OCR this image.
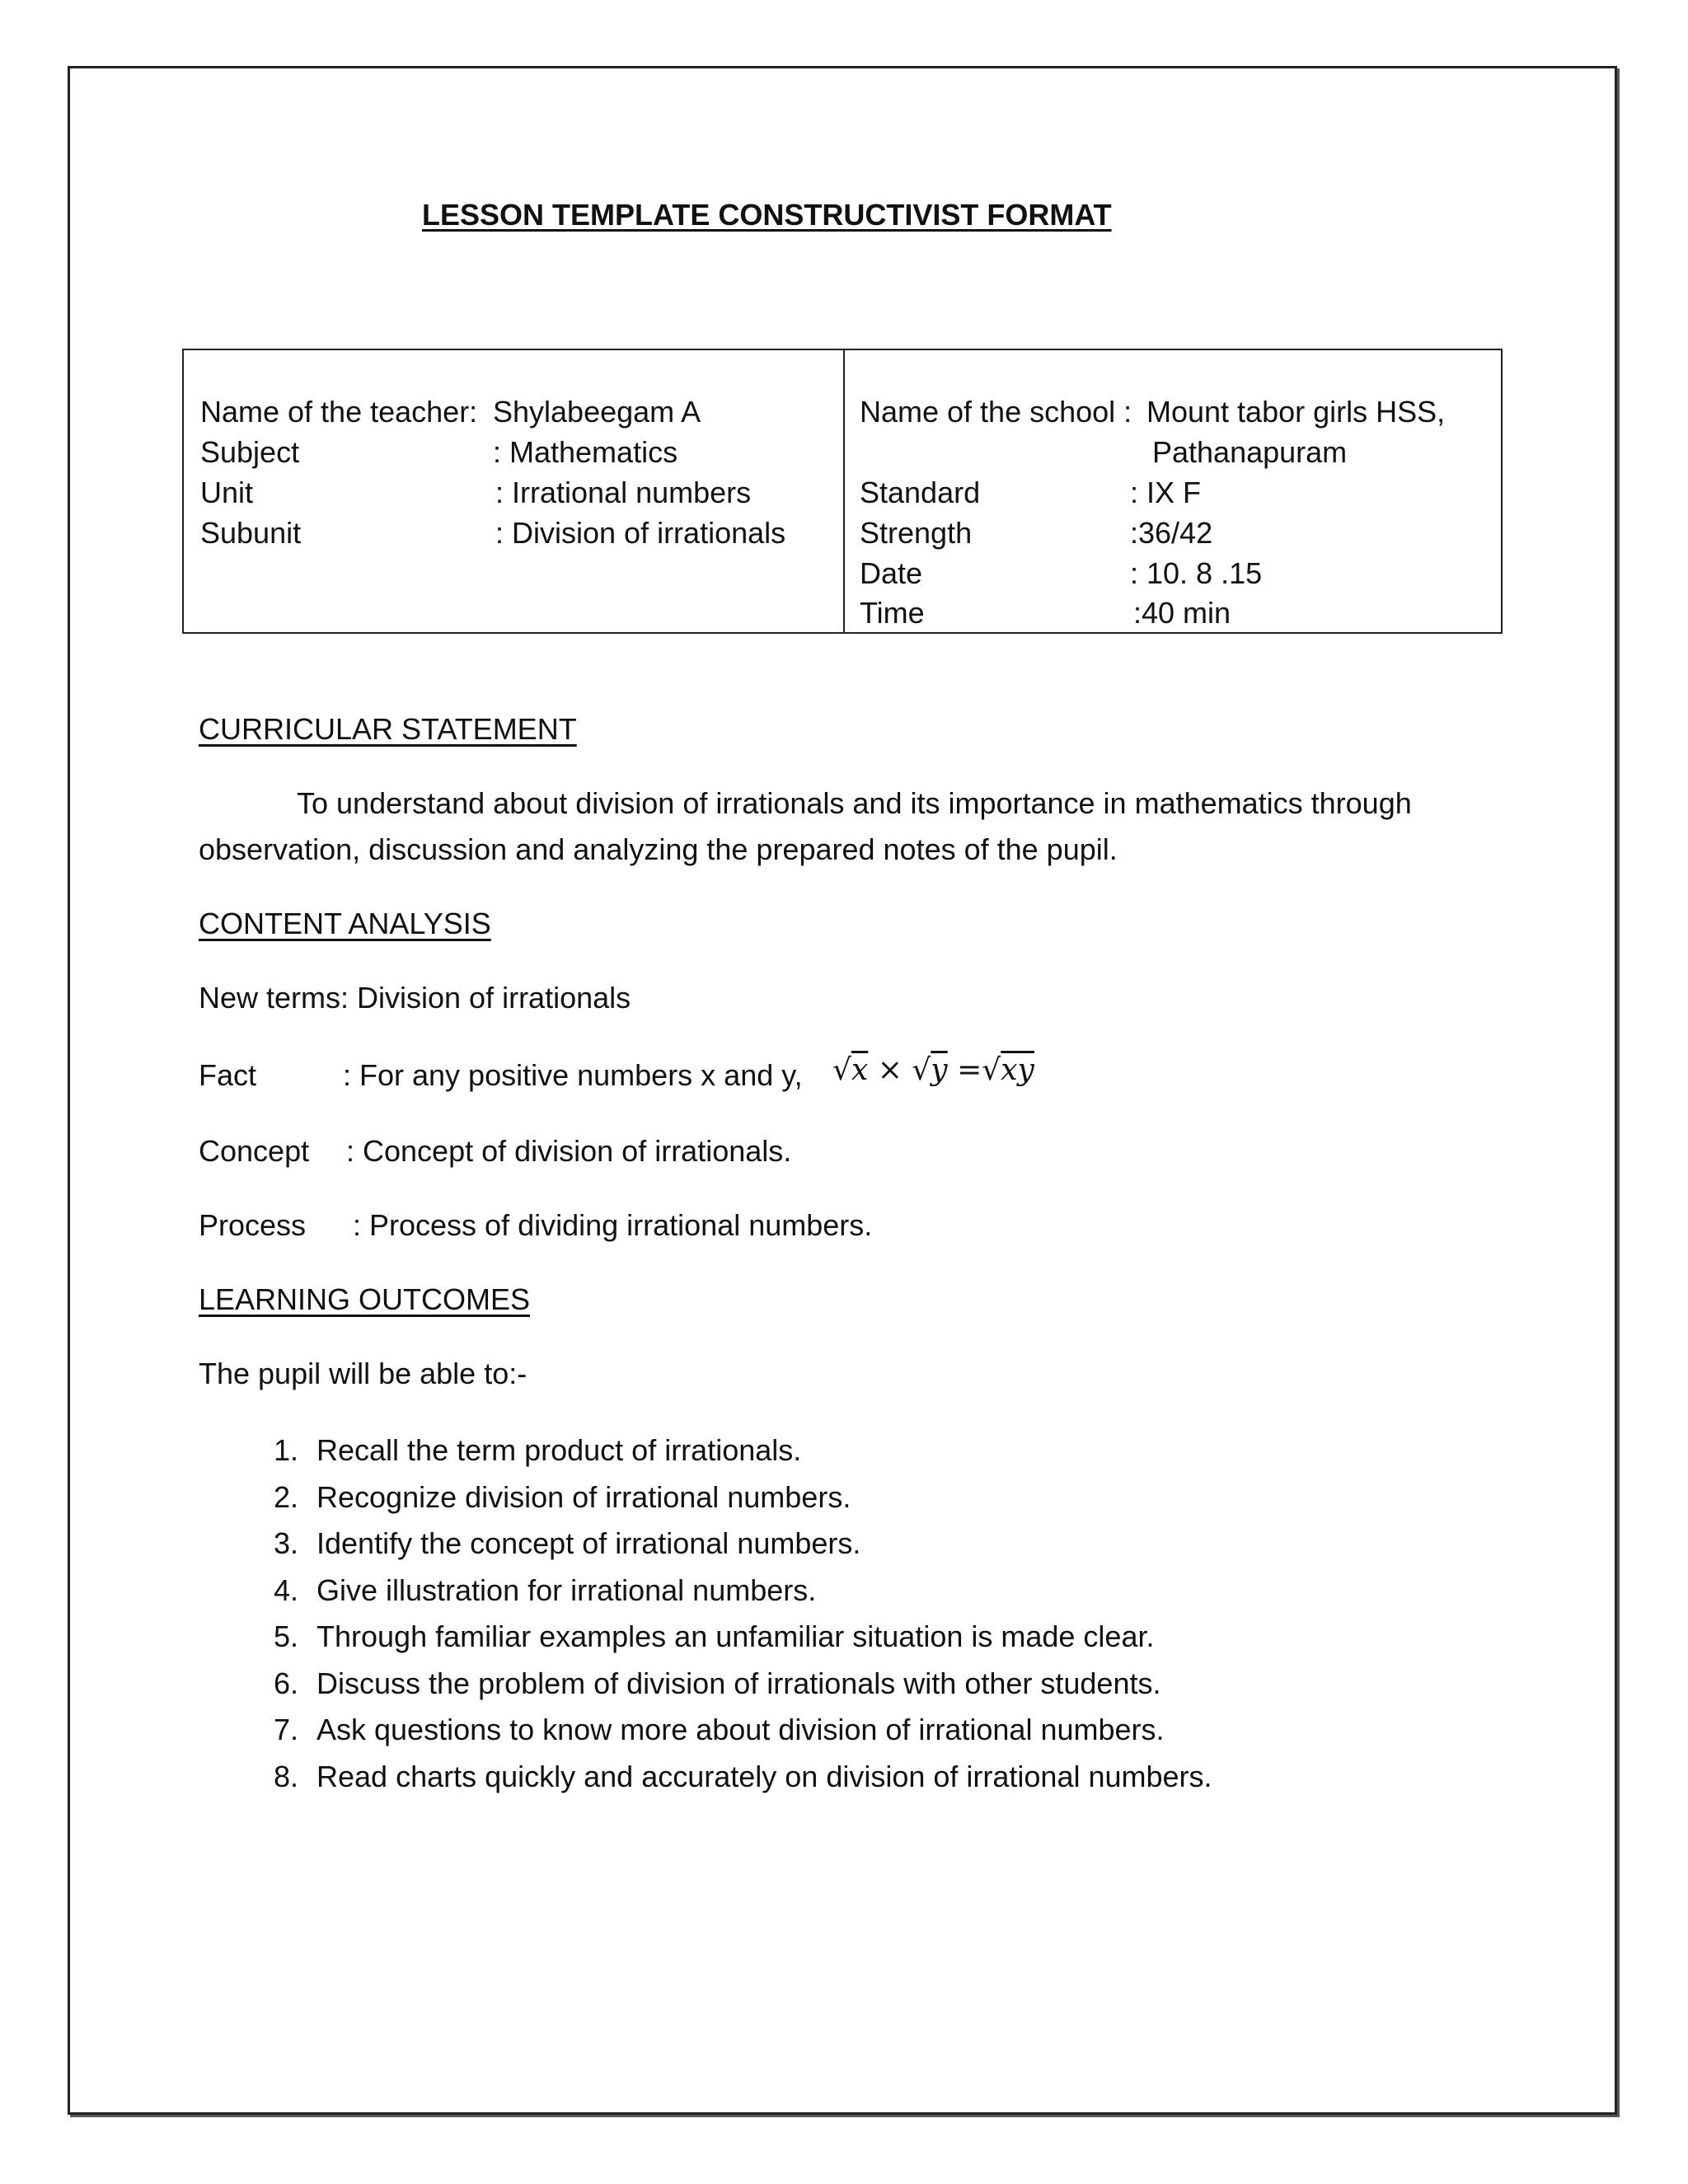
LESSON TEMPLATE CONSTRUCTIVIST FORMAT
Name of the teacher: Shylabeegam A
Subject	: Mathematics
Unit	: Irrational numbers
Subunit	: Division of irrationals
Name of the school : Mount tabor girls HSS,
Pathanapuram
Standard	: IX F
Strength	:36/42
Date	: 10. 8 .15
Time	:40 min
CURRICULAR STATEMENT
To understand about division of irrationals and its importance in mathematics through
observation, discussion and analyzing the prepared notes of the pupil.
CONTENT ANALYSIS
New terms: Division of irrationals
Fact	: For any positive numbers x and y, √x × √y =√xy
Concept : Concept of division of irrationals.
Process : Process of dividing irrational numbers.
LEARNING OUTCOMES
The pupil will be able to:-
1. Recall the term product of irrationals.
2. Recognize division of irrational numbers.
3. Identify the concept of irrational numbers.
4. Give illustration for irrational numbers.
5. Through familiar examples an unfamiliar situation is made clear.
6. Discuss the problem of division of irrationals with other students.
7. Ask questions to know more about division of irrational numbers.
8. Read charts quickly and accurately on division of irrational numbers.
